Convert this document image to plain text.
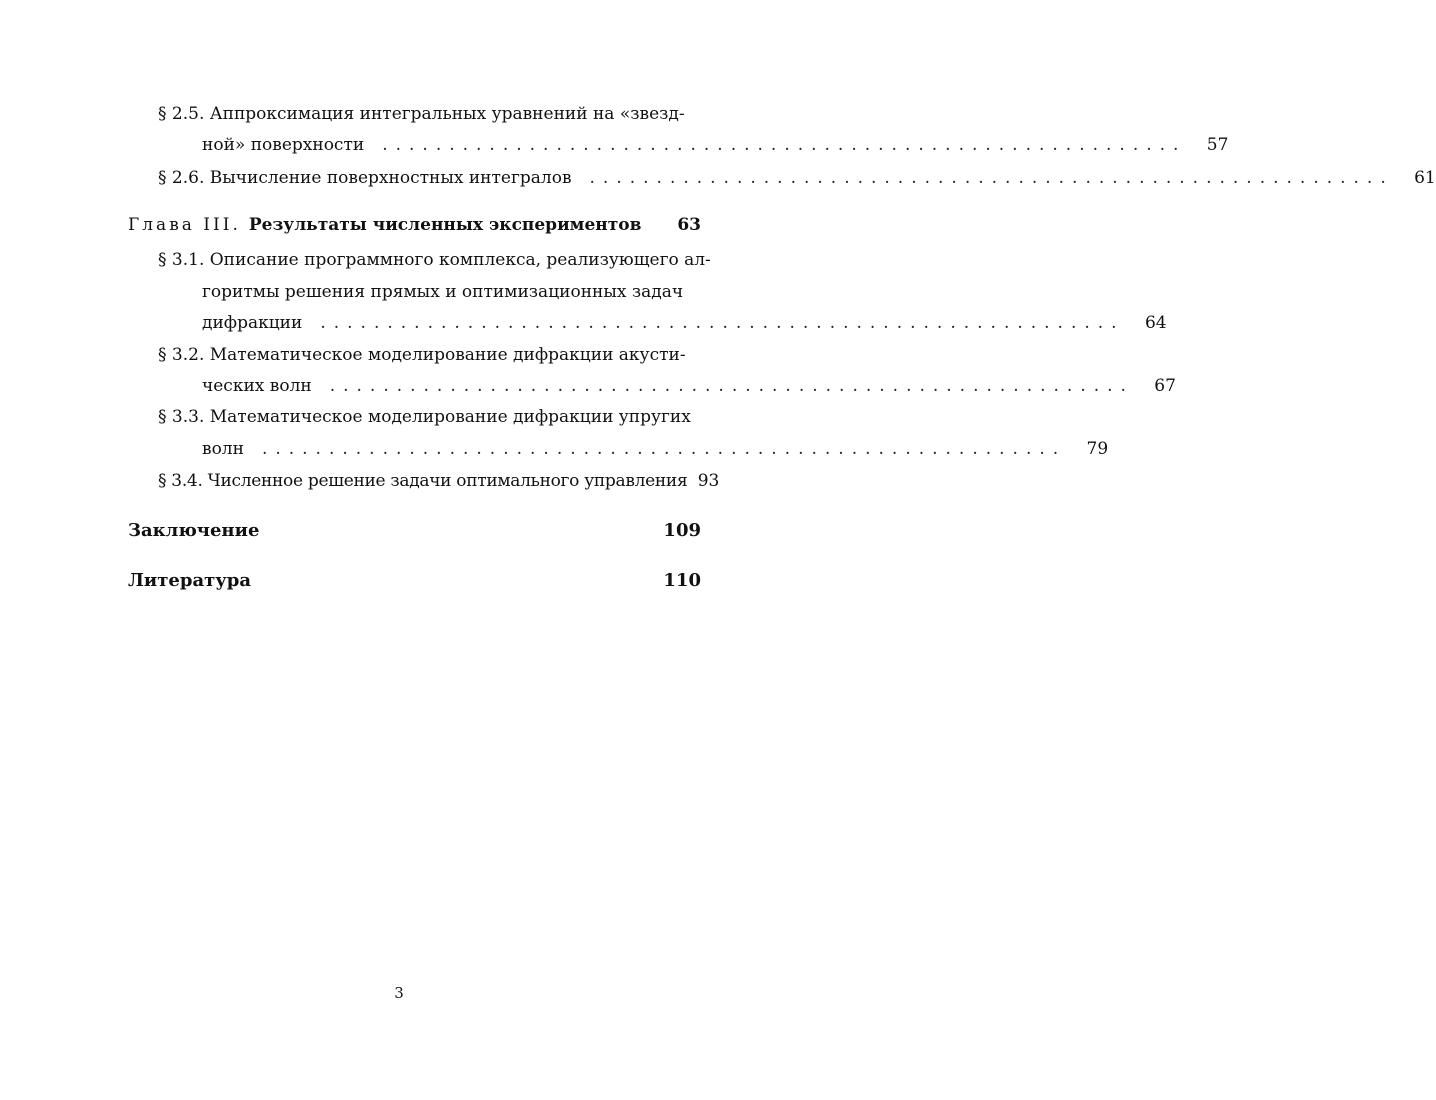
§ 2.5. Аппроксимация интегральных уравнений на «звезд-
ной» поверхности ............................................................	57
§ 2.6. Вычисление поверхностных интегралов ............................................................	61
Глава III. Результаты численных экспериментов	63
§ 3.1. Описание программного комплекса, реализующего ал-
горитмы решения прямых и оптимизационных задач
дифракции ............................................................	64
§ 3.2. Математическое моделирование дифракции акусти-
ческих волн ............................................................	67
§ 3.3. Математическое моделирование дифракции упругих
волн ............................................................	79
§ 3.4. Численное решение задачи оптимального управления 93
Заключение	109
Литература	110
3
